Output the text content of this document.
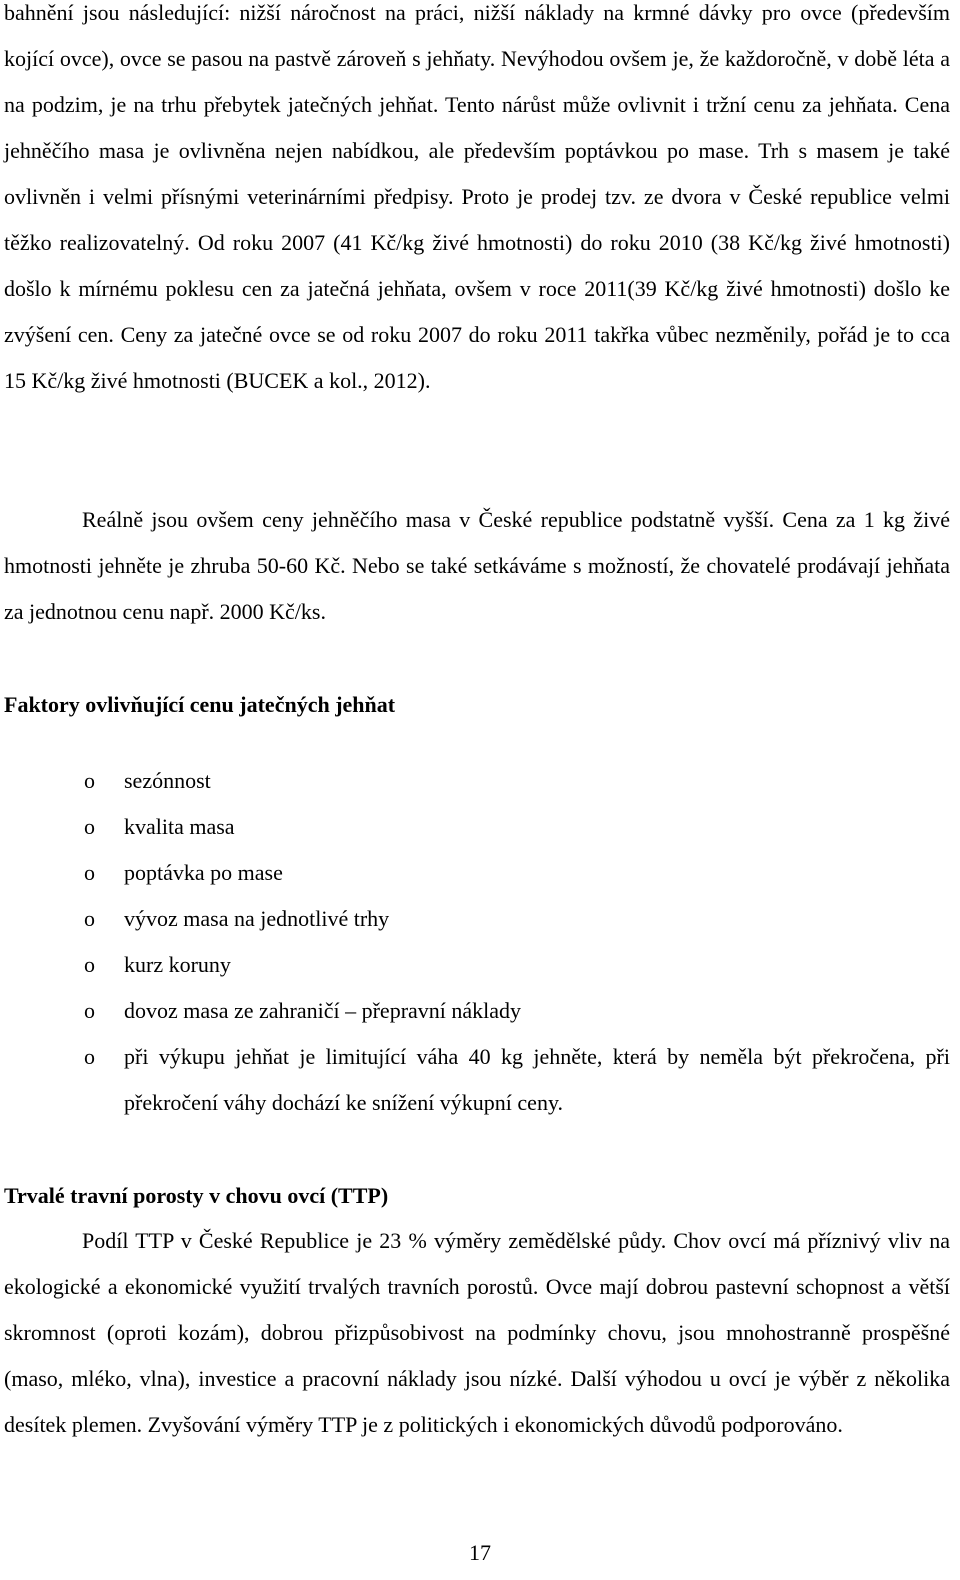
bahnění jsou následující: nižší náročnost na práci, nižší náklady na krmné dávky pro ovce (především kojící ovce), ovce se pasou na pastvě zároveň s jehňaty. Nevýhodou ovšem je, že každoročně, v době léta a na podzim, je na trhu přebytek jatečných jehňat. Tento nárůst může ovlivnit i tržní cenu za jehňata. Cena jehněčího masa je ovlivněna nejen nabídkou, ale především poptávkou po mase. Trh s masem je také ovlivněn i velmi přísnými veterinárními předpisy. Proto je prodej tzv. ze dvora v České republice velmi těžko realizovatelný. Od roku 2007 (41 Kč/kg živé hmotnosti) do roku 2010 (38 Kč/kg živé hmotnosti) došlo k mírnému poklesu cen za jatečná jehňata, ovšem v roce 2011(39 Kč/kg živé hmotnosti) došlo ke zvýšení cen. Ceny za jatečné ovce se od roku 2007 do roku 2011 takřka vůbec nezměnily, pořád je to cca 15 Kč/kg živé hmotnosti (BUCEK a kol., 2012).

Reálně jsou ovšem ceny jehněčího masa v České republice podstatně vyšší. Cena za 1 kg živé hmotnosti jehněte je zhruba 50-60 Kč. Nebo se také setkáváme s možností, že chovatelé prodávají jehňata za jednotnou cenu např. 2000 Kč/ks.

Faktory ovlivňující cenu jatečných jehňat
o sezónnost
o kvalita masa
o poptávka po mase
o vývoz masa na jednotlivé trhy
o kurz koruny
o dovoz masa ze zahraničí – přepravní náklady
o při výkupu jehňat je limitující váha 40 kg jehněte, která by neměla být překročena, při překročení váhy dochází ke snížení výkupní ceny.
Trvalé travní porosty v chovu ovcí (TTP)

Podíl TTP v České Republice je 23 % výměry zemědělské půdy. Chov ovcí má příznivý vliv na ekologické a ekonomické využití trvalých travních porostů. Ovce mají dobrou pastevní schopnost a větší skromnost (oproti kozám), dobrou přizpůsobivost na podmínky chovu, jsou mnohostranně prospěšné (maso, mléko, vlna), investice a pracovní náklady jsou nízké. Další výhodou u ovcí je výběr z několika desítek plemen. Zvyšování výměry TTP je z politických i ekonomických důvodů podporováno.

17
